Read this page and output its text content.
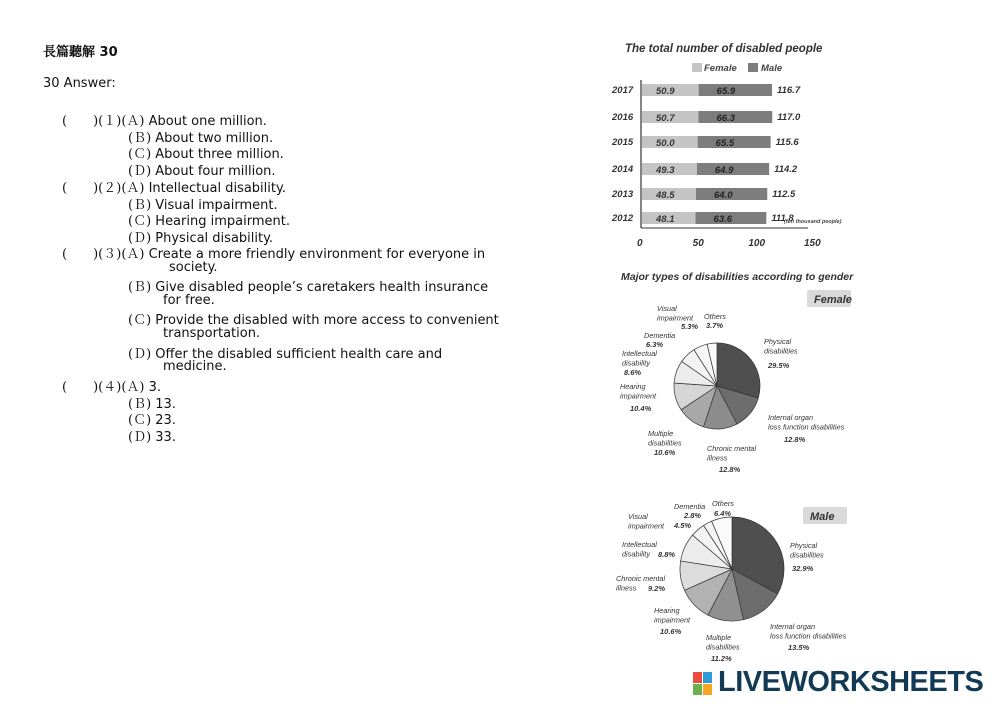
長篇聽解 30
30 Answer:
(　　)(１)(Ａ) About one million.
(Ｂ) About two million.
(Ｃ) About three million.
(Ｄ) About four million.
(　　)(２)(Ａ) Intellectual disability.
(Ｂ) Visual impairment.
(Ｃ) Hearing impairment.
(Ｄ) Physical disability.
(　　)(３)(Ａ) Create a more friendly environment for everyone in
society.
(Ｂ) Give disabled people’s caretakers health insurance
for free.
(Ｃ) Provide the disabled with more access to convenient
transportation.
(Ｄ) Offer the disabled sufficient health care and
medicine.
(　　)(４)(Ａ) 3.
(Ｂ) 13.
(Ｃ) 23.
(Ｄ) 33.
The total number of disabled people
Female	Male
2017 50.9	65.9	116.7
2016 50.7	66.3	117.0
2015 50.0	65.5	115.6
2014 49.3	64.9	114.2
2013 48.5	64.0	112.5
2012 48.1	63.6	111.8
(ten thousand people)
0	50	100	150
Major types of disabilities according to gender
Female
Physical
disabilities
29.5%
Internal organ
loss function disabilities
12.8%
Chronic mental
illness
12.8%
Multiple
disabilities
10.6%
Hearing
impairment
10.4%
Intellectual
disability
8.6%
Dementia
6.3%
Visual
impairment
5.3%
Others
3.7%
Male
Physical
disabilities
32.9%
Internal organ
loss function disabilities
13.5%
Multiple
disabilities
11.2%
Hearing
impairment
10.6%
Chronic mental
illness 9.2%
Intellectual
disability 8.8%
Visual
impairment 4.5%
Dementia
2.8%
Others
6.4%
LIVEWORKSHEETS
